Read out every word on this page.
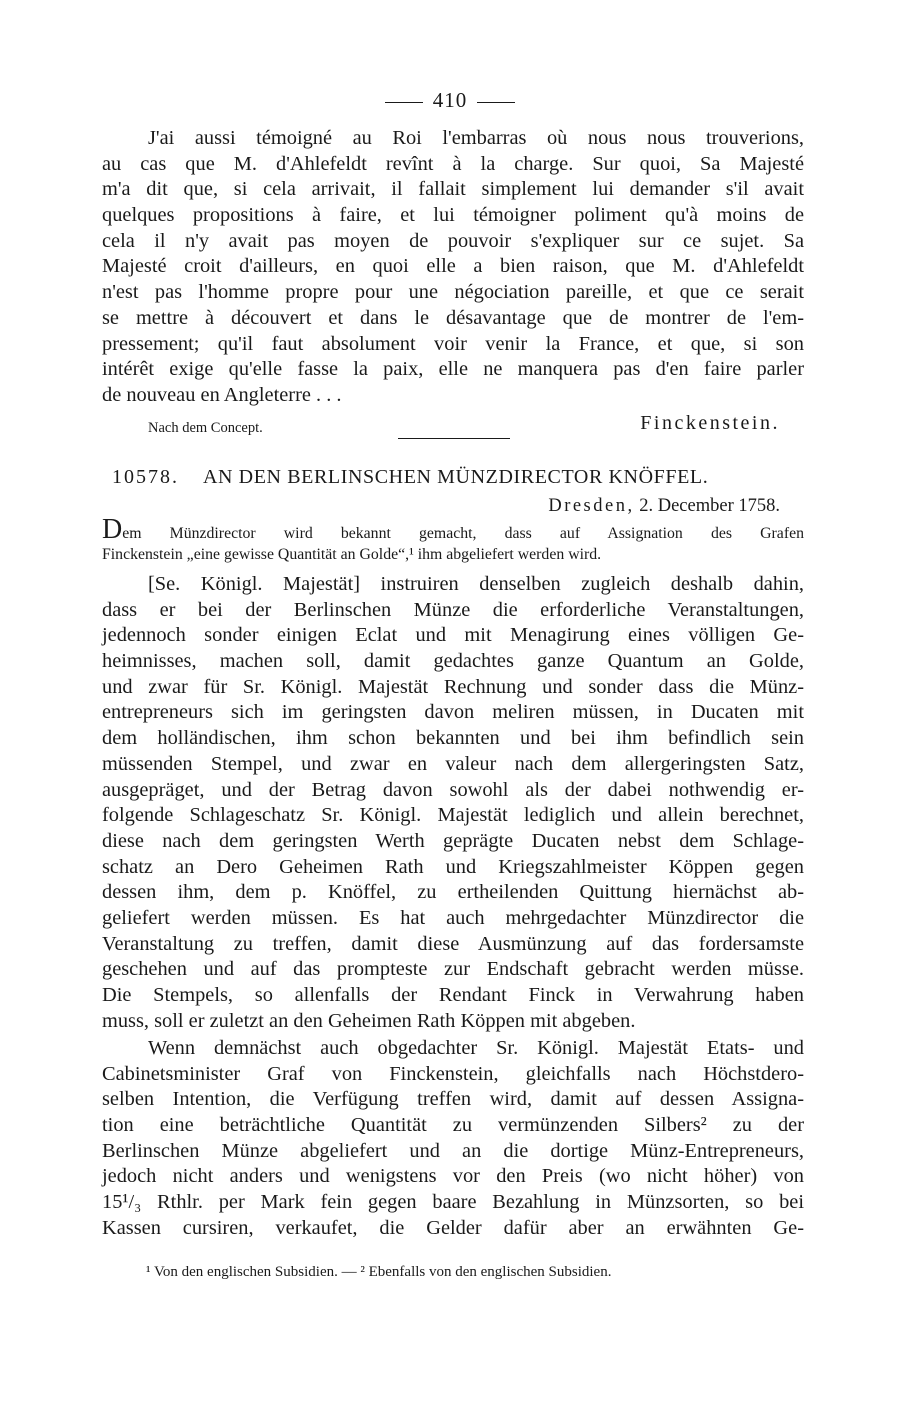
410
J'ai aussi témoigné au Roi l'embarras où nous nous trouverions,
au cas que M. d'Ahlefeldt revînt à la charge. Sur quoi, Sa Majesté
m'a dit que, si cela arrivait, il fallait simplement lui demander s'il avait
quelques propositions à faire, et lui témoigner poliment qu'à moins de
cela il n'y avait pas moyen de pouvoir s'expliquer sur ce sujet. Sa
Majesté croit d'ailleurs, en quoi elle a bien raison, que M. d'Ahlefeldt
n'est pas l'homme propre pour une négociation pareille, et que ce serait
se mettre à découvert et dans le désavantage que de montrer de l'em-
pressement; qu'il faut absolument voir venir la France, et que, si son
intérêt exige qu'elle fasse la paix, elle ne manquera pas d'en faire parler
de nouveau en Angleterre . . .
Nach dem Concept.	Finckenstein.
10578. AN DEN BERLINSCHEN MÜNZDIRECTOR KNÖFFEL.
Dresden, 2. December 1758.
Dem Münzdirector wird bekannt gemacht, dass auf Assignation des Grafen
Finckenstein „eine gewisse Quantität an Golde“,¹ ihm abgeliefert werden wird.
[Se. Königl. Majestät] instruiren denselben zugleich deshalb dahin,
dass er bei der Berlinschen Münze die erforderliche Veranstaltungen,
jedennoch sonder einigen Eclat und mit Menagirung eines völligen Ge-
heimnisses, machen soll, damit gedachtes ganze Quantum an Golde,
und zwar für Sr. Königl. Majestät Rechnung und sonder dass die Münz-
entrepreneurs sich im geringsten davon meliren müssen, in Ducaten mit
dem holländischen, ihm schon bekannten und bei ihm befindlich sein
müssenden Stempel, und zwar en valeur nach dem allergeringsten Satz,
ausgepräget, und der Betrag davon sowohl als der dabei nothwendig er-
folgende Schlageschatz Sr. Königl. Majestät lediglich und allein berechnet,
diese nach dem geringsten Werth geprägte Ducaten nebst dem Schlage-
schatz an Dero Geheimen Rath und Kriegszahlmeister Köppen gegen
dessen ihm, dem p. Knöffel, zu ertheilenden Quittung hiernächst ab-
geliefert werden müssen. Es hat auch mehrgedachter Münzdirector die
Veranstaltung zu treffen, damit diese Ausmünzung auf das fordersamste
geschehen und auf das prompteste zur Endschaft gebracht werden müsse.
Die Stempels, so allenfalls der Rendant Finck in Verwahrung haben
muss, soll er zuletzt an den Geheimen Rath Köppen mit abgeben.
Wenn demnächst auch obgedachter Sr. Königl. Majestät Etats- und
Cabinetsminister Graf von Finckenstein, gleichfalls nach Höchstdero-
selben Intention, die Verfügung treffen wird, damit auf dessen Assigna-
tion eine beträchtliche Quantität zu vermünzenden Silbers² zu der
Berlinschen Münze abgeliefert und an die dortige Münz-Entrepreneurs,
jedoch nicht anders und wenigstens vor den Preis (wo nicht höher) von
15¹/₃ Rthlr. per Mark fein gegen baare Bezahlung in Münzsorten, so bei
Kassen cursiren, verkaufet, die Gelder dafür aber an erwähnten Ge-
¹ Von den englischen Subsidien. — ² Ebenfalls von den englischen Subsidien.
